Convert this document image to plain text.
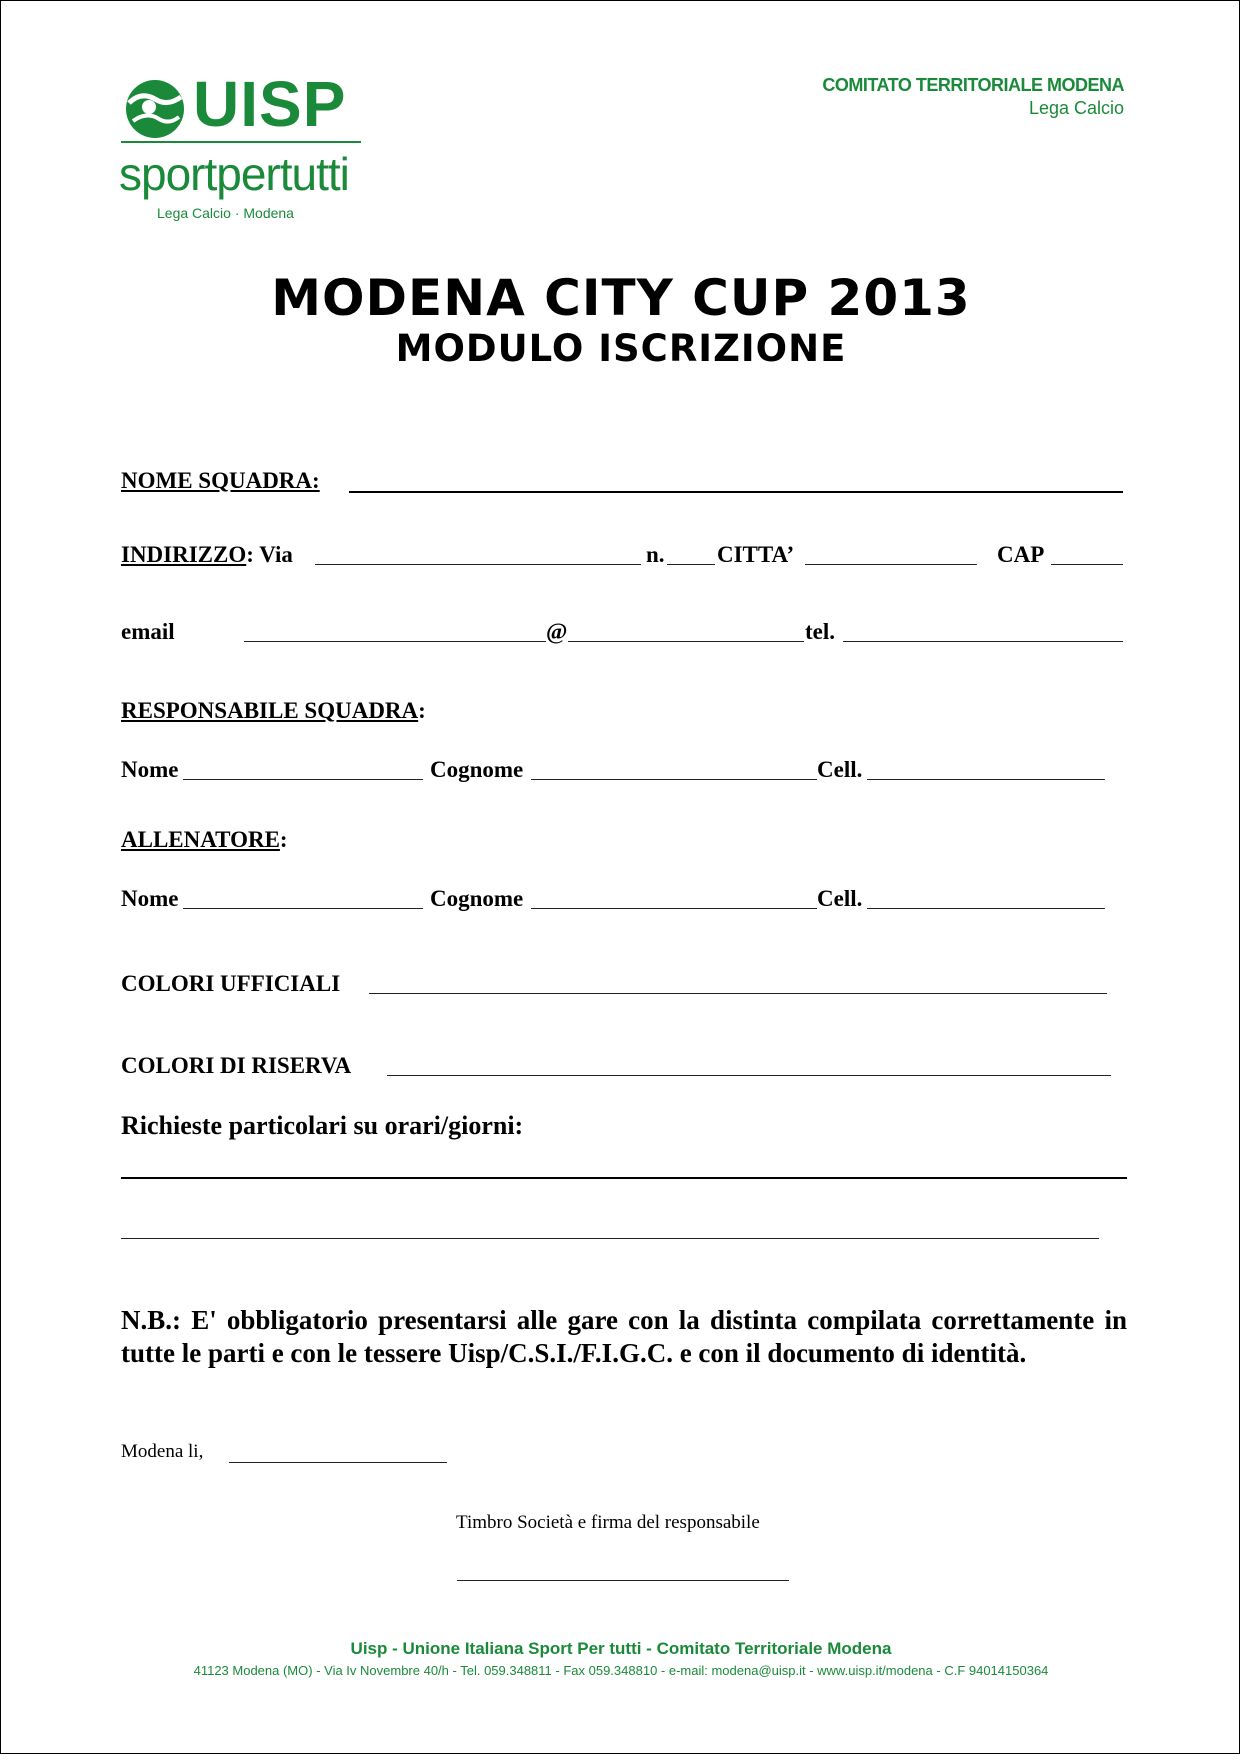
UISP
sportpertutti
Lega Calcio · Modena
COMITATO TERRITORIALE MODENA
Lega Calcio
MODENA CITY CUP 2013
MODULO ISCRIZIONE
NOME SQUADRA:
INDIRIZZO: Via	n. CITTA’	CAP
email	@	tel.
RESPONSABILE SQUADRA:
Nome	Cognome	Cell.
ALLENATORE:
Nome	Cognome	Cell.
COLORI UFFICIALI
COLORI DI RISERVA
Richieste particolari su orari/giorni:
N.B.: E' obbligatorio presentarsi alle gare con la distinta compilata correttamente in tutte le parti e con le tessere Uisp/C.S.I./F.I.G.C. e con il documento di identità.
Modena li,
Timbro Società e firma del responsabile
Uisp - Unione Italiana Sport Per tutti - Comitato Territoriale Modena
41123 Modena (MO) - Via Iv Novembre 40/h - Tel. 059.348811 - Fax 059.348810 - e-mail: modena@uisp.it - www.uisp.it/modena - C.F 94014150364
